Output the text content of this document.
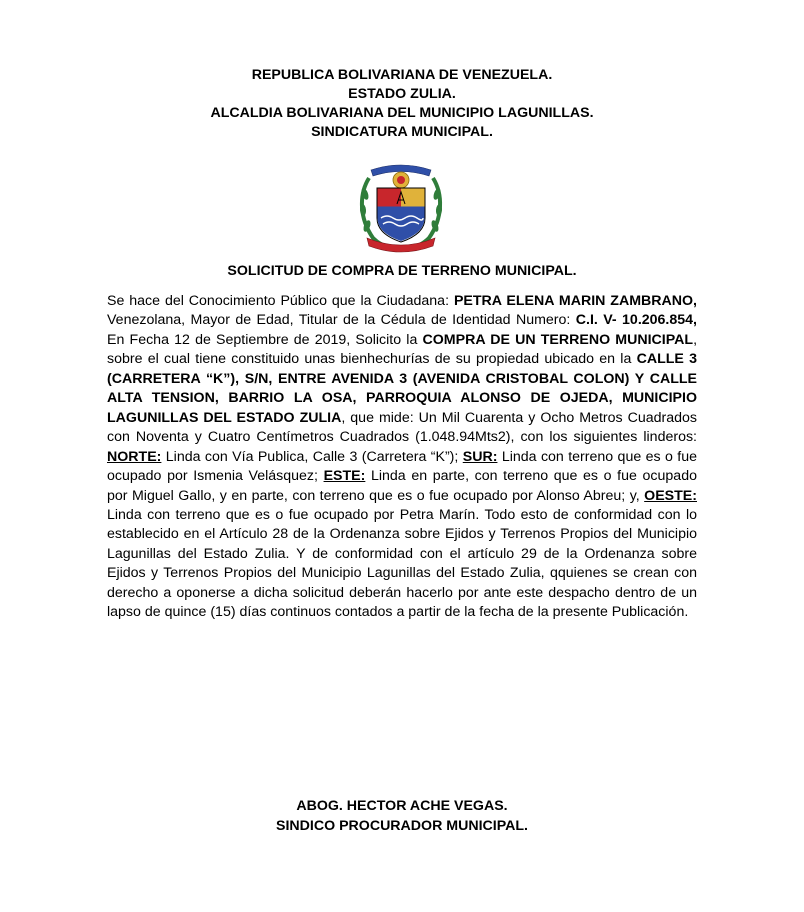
REPUBLICA BOLIVARIANA DE VENEZUELA.
ESTADO ZULIA.
ALCALDIA BOLIVARIANA DEL MUNICIPIO LAGUNILLAS.
SINDICATURA MUNICIPAL.
SOLICITUD DE COMPRA DE TERRENO MUNICIPAL.
Se hace del Conocimiento Público que la Ciudadana: PETRA ELENA MARIN ZAMBRANO, Venezolana, Mayor de Edad, Titular de la Cédula de Identidad Numero: C.I. V- 10.206.854, En Fecha 12 de Septiembre de 2019, Solicito la COMPRA DE UN TERRENO MUNICIPAL, sobre el cual tiene constituido unas bienhechurías de su propiedad ubicado en la CALLE 3 (CARRETERA “K”), S/N, ENTRE AVENIDA 3 (AVENIDA CRISTOBAL COLON) Y CALLE ALTA TENSION, BARRIO LA OSA, PARROQUIA ALONSO DE OJEDA, MUNICIPIO LAGUNILLAS DEL ESTADO ZULIA, que mide: Un Mil Cuarenta y Ocho Metros Cuadrados con Noventa y Cuatro Centímetros Cuadrados (1.048.94Mts2), con los siguientes linderos: NORTE: Linda con Vía Publica, Calle 3 (Carretera “K”); SUR: Linda con terreno que es o fue ocupado por Ismenia Velásquez; ESTE: Linda en parte, con terreno que es o fue ocupado por Miguel Gallo, y en parte, con terreno que es o fue ocupado por Alonso Abreu; y, OESTE: Linda con terreno que es o fue ocupado por Petra Marín. Todo esto de conformidad con lo establecido en el Artículo 28 de la Ordenanza sobre Ejidos y Terrenos Propios del Municipio Lagunillas del Estado Zulia. Y de conformidad con el artículo 29 de la Ordenanza sobre Ejidos y Terrenos Propios del Municipio Lagunillas del Estado Zulia, qquienes se crean con derecho a oponerse a dicha solicitud deberán hacerlo por ante este despacho dentro de un lapso de quince (15) días continuos contados a partir de la fecha de la presente Publicación.
ABOG. HECTOR ACHE VEGAS.
SINDICO PROCURADOR MUNICIPAL.
